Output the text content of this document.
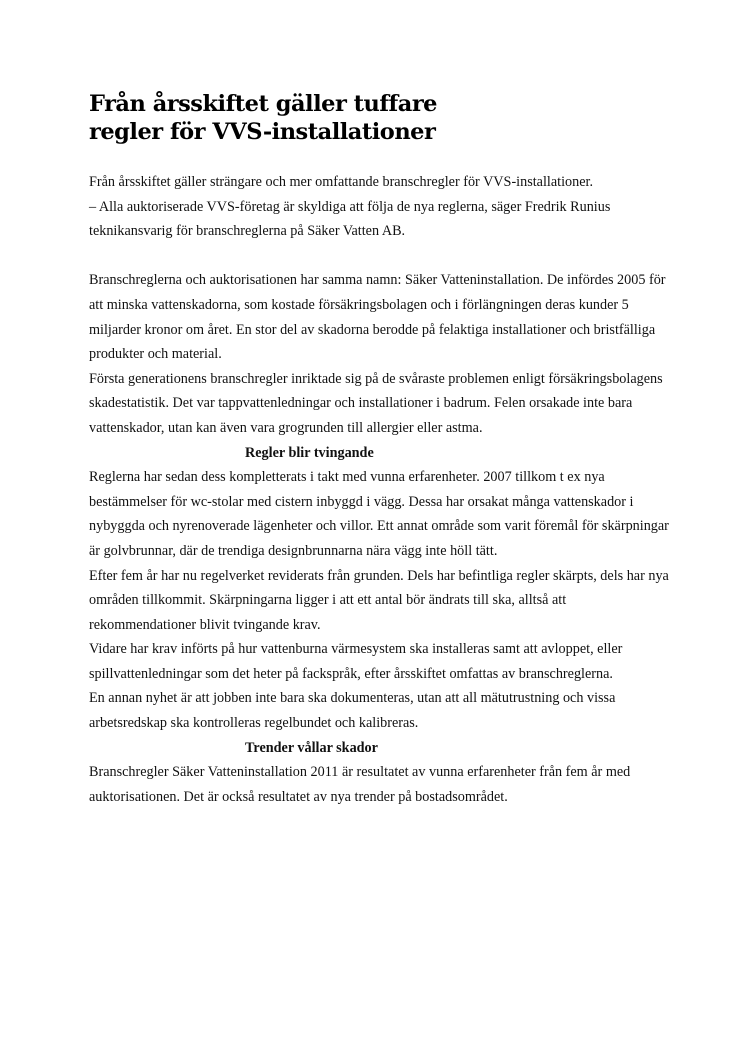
Från årsskiftet gäller tuffare
regler för VVS-installationer

Från årsskiftet gäller strängare och mer omfattande branschregler för VVS-installationer.

– Alla auktoriserade VVS-företag är skyldiga att följa de nya reglerna, säger Fredrik Runius teknikansvarig för branschreglerna på Säker Vatten AB.

Branschreglerna och auktorisationen har samma namn: Säker Vatteninstallation. De infördes 2005 för att minska vattenskadorna, som kostade försäkringsbolagen och i förlängningen deras kunder 5 miljarder kronor om året. En stor del av skadorna berodde på felaktiga installationer och bristfälliga produkter och material.

Första generationens branschregler inriktade sig på de svåraste problemen enligt försäkringsbolagens skadestatistik. Det var tappvattenledningar och installationer i badrum. Felen orsakade inte bara vattenskador, utan kan även vara grogrunden till allergier eller astma.

Regler blir tvingande

Reglerna har sedan dess kompletterats i takt med vunna erfarenheter. 2007 tillkom t ex nya bestämmelser för wc-stolar med cistern inbyggd i vägg. Dessa har orsakat många vattenskador i nybyggda och nyrenoverade lägenheter och villor. Ett annat område som varit föremål för skärpningar är golvbrunnar, där de trendiga designbrunnarna nära vägg inte höll tätt.

Efter fem år har nu regelverket reviderats från grunden. Dels har befintliga regler skärpts, dels har nya områden tillkommit. Skärpningarna ligger i att ett antal bör ändrats till ska, alltså att rekommendationer blivit tvingande krav.

Vidare har krav införts på hur vattenburna värmesystem ska installeras samt att avloppet, eller spillvattenledningar som det heter på fackspråk, efter årsskiftet omfattas av branschreglerna.

En annan nyhet är att jobben inte bara ska dokumenteras, utan att all mätutrustning och vissa arbetsredskap ska kontrolleras regelbundet och kalibreras.

Trender vållar skador

Branschregler Säker Vatteninstallation 2011 är resultatet av vunna erfarenheter från fem år med auktorisationen. Det är också resultatet av nya trender på bostadsområdet.
